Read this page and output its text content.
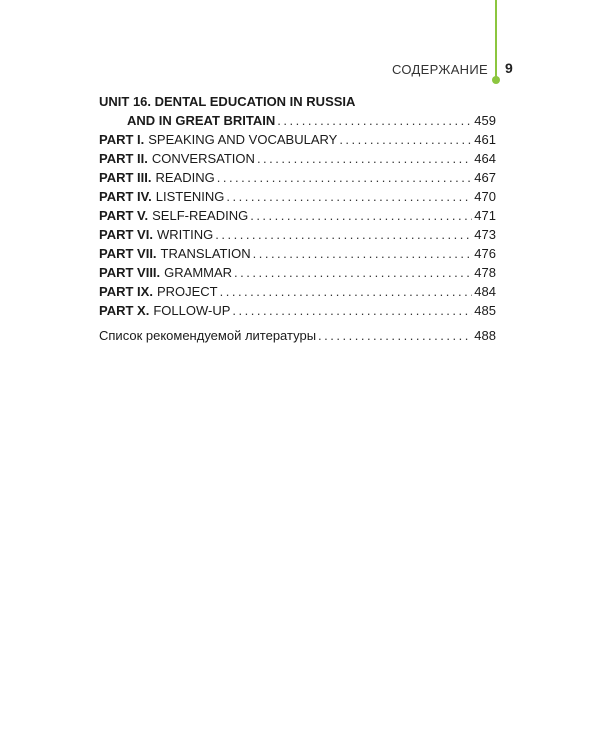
СОДЕРЖАНИЕ 9
UNIT 16. DENTAL EDUCATION IN RUSSIA
AND IN GREAT BRITAIN .....	459
PART I. SPEAKING AND VOCABULARY .....	461
PART II. CONVERSATION .....	464
PART III. READING .....	467
PART IV. LISTENING .....	470
PART V. SELF-READING .....	471
PART VI. WRITING .....	473
PART VII. TRANSLATION .....	476
PART VIII. GRAMMAR .....	478
PART IX. PROJECT .....	484
PART X. FOLLOW-UP .....	485
Список рекомендуемой литературы .....	488
